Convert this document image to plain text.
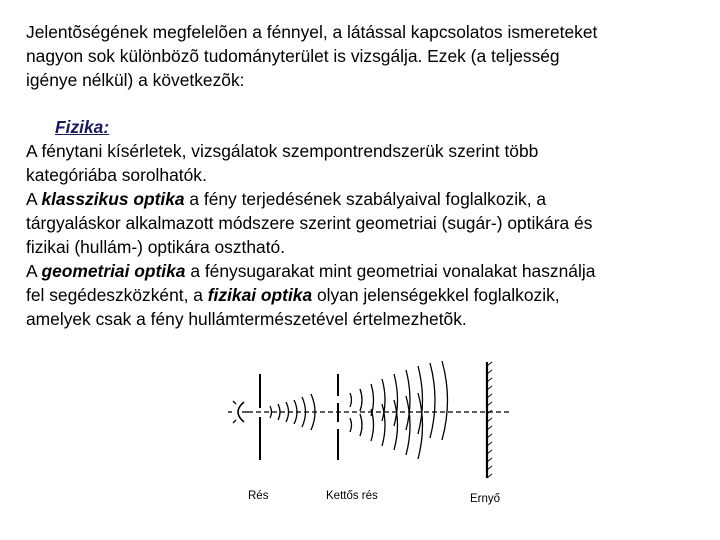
Jelentõségének megfelelõen a fénnyel, a látással kapcsolatos ismereteket
nagyon sok különbözõ tudományterület is vizsgálja. Ezek (a teljesség
igénye nélkül) a következõk:
Fizika:
A fénytani kísérletek, vizsgálatok szempontrendszerük szerint több
kategóriába sorolhatók.
A klasszikus optika a fény terjedésének szabályaival foglalkozik, a
tárgyaláskor alkalmazott módszere szerint geometriai (sugár-) optikára és
fizikai (hullám-) optikára osztható.
A geometriai optika a fénysugarakat mint geometriai vonalakat használja
fel segédeszközként, a fizikai optika olyan jelenségekkel foglalkozik,
amelyek csak a fény hullámtermészetével értelmezhetõk.
Rés	Kettős rés	Ernyő
